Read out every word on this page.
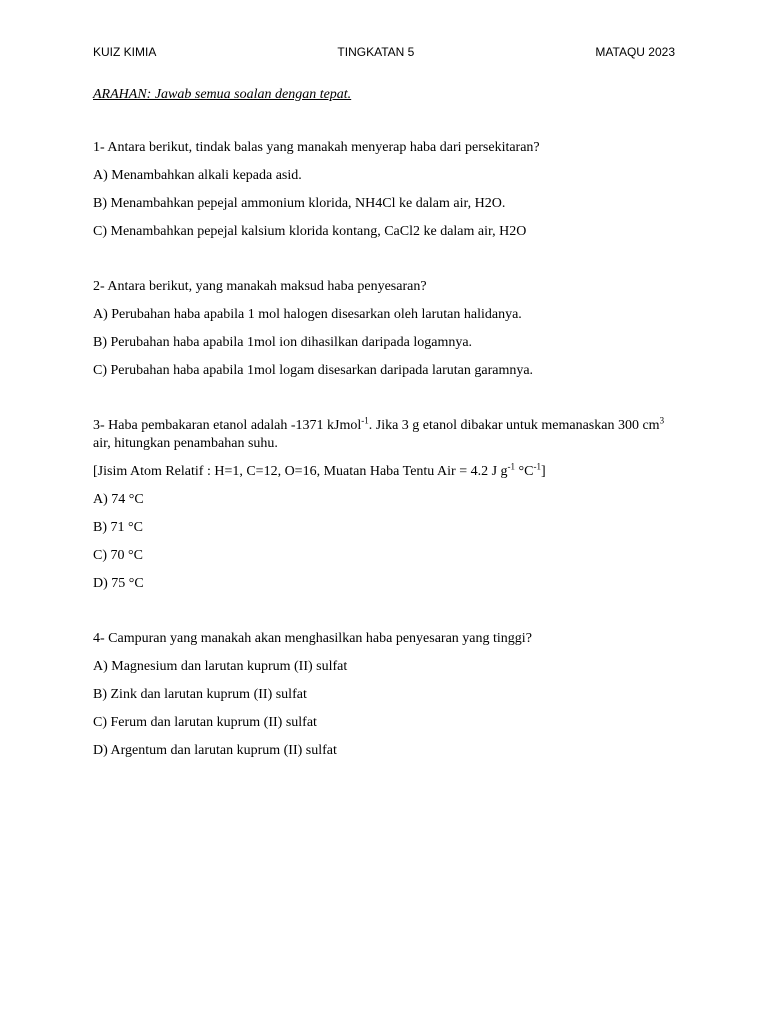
KUIZ KIMIA	TINGKATAN 5	MATAQU 2023

ARAHAN: Jawab semua soalan dengan tepat.

1- Antara berikut, tindak balas yang manakah menyerap haba dari persekitaran?

A) Menambahkan alkali kepada asid.

B) Menambahkan pepejal ammonium klorida, NH4Cl ke dalam air, H2O.

C) Menambahkan pepejal kalsium klorida kontang, CaCl2 ke dalam air, H2O

2- Antara berikut, yang manakah maksud haba penyesaran?

A) Perubahan haba apabila 1 mol halogen disesarkan oleh larutan halidanya.

B) Perubahan haba apabila 1mol ion dihasilkan daripada logamnya.

C) Perubahan haba apabila 1mol logam disesarkan daripada larutan garamnya.

3- Haba pembakaran etanol adalah -1371 kJmol$^{-1}$. Jika 3 g etanol dibakar untuk memanaskan 300 $cm^3$ air, hitungkan penambahan suhu.

[Jisim Atom Relatif : H=1, C=12, O=16, Muatan Haba Tentu Air = 4.2 J $g^{-1}$ $^\circ C^{-1}$]

A) 74 °C

B) 71 °C

C) 70 °C

D) 75 °C

4- Campuran yang manakah akan menghasilkan haba penyesaran yang tinggi?

A) Magnesium dan larutan kuprum (II) sulfat

B) Zink dan larutan kuprum (II) sulfat

C) Ferum dan larutan kuprum (II) sulfat

D) Argentum dan larutan kuprum (II) sulfat
